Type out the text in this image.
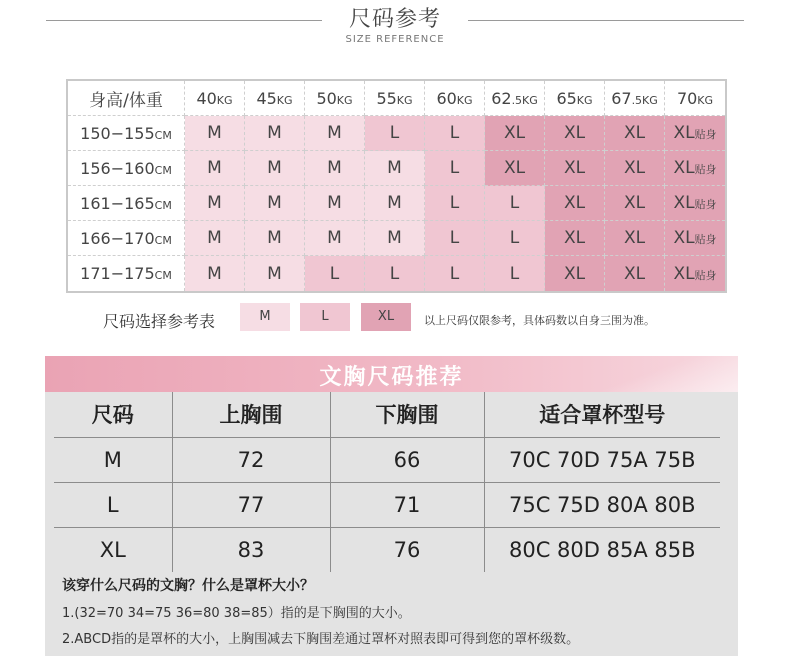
尺码参考
SIZE REFERENCE
身高/体重	40KG	45KG	50KG	55KG	60KG	62.5KG	65KG	67.5KG	70KG
150−155CM	M	M	M	L	L	XL	XL	XL	XL贴身
156−160CM	M	M	M	M	L	XL	XL	XL	XL贴身
161−165CM	M	M	M	M	L	L	XL	XL	XL贴身
166−170CM	M	M	M	M	L	L	XL	XL	XL贴身
171−175CM	M	M	L	L	L	L	XL	XL	XL贴身
尺码选择参考表	M	L	XL	以上尺码仅限参考，具体码数以自身三围为准。
文胸尺码推荐
尺码	上胸围	下胸围	适合罩杯型号
M	72	66	70C 70D 75A 75B
L	77	71	75C 75D 80A 80B
XL	83	76	80C 80D 85A 85B
该穿什么尺码的文胸？什么是罩杯大小？
1.(32=70 34=75 36=80 38=85）指的是下胸围的大小。
2.ABCD指的是罩杯的大小，上胸围减去下胸围差通过罩杯对照表即可得到您的罩杯级数。
